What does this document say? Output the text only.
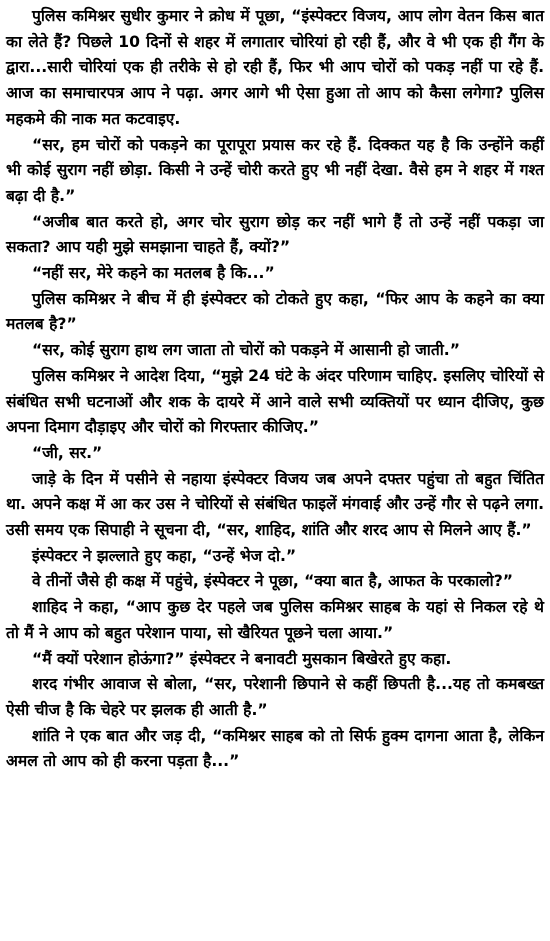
पुलिस कमिश्नर सुधीर कुमार ने क्रोध में पूछा, “इंस्पेक्टर विजय, आप लोग वेतन किस बात का लेते हैं? पिछले 10 दिनों से शहर में लगातार चोरियां हो रही हैं, और वे भी एक ही गैंग के द्वारा...सारी चोरियां एक ही तरीके से हो रही हैं, फिर भी आप चोरों को पकड़ नहीं पा रहे हैं. आज का समाचारपत्र आप ने पढ़ा. अगर आगे भी ऐसा हुआ तो आप को कैसा लगेगा? पुलिस महकमे की नाक मत कटवाइए.

“सर, हम चोरों को पकड़ने का पूरापूरा प्रयास कर रहे हैं. दिक्कत यह है कि उन्होंने कहीं भी कोई सुराग नहीं छोड़ा. किसी ने उन्हें चोरी करते हुए भी नहीं देखा. वैसे हम ने शहर में गश्त बढ़ा दी है.”

“अजीब बात करते हो, अगर चोर सुराग छोड़ कर नहीं भागे हैं तो उन्हें नहीं पकड़ा जा सकता? आप यही मुझे समझाना चाहते हैं, क्यों?”

“नहीं सर, मेरे कहने का मतलब है कि...”

पुलिस कमिश्नर ने बीच में ही इंस्पेक्टर को टोकते हुए कहा, “फिर आप के कहने का क्या मतलब है?”

“सर, कोई सुराग हाथ लग जाता तो चोरों को पकड़ने में आसानी हो जाती.”

पुलिस कमिश्नर ने आदेश दिया, “मुझे 24 घंटे के अंदर परिणाम चाहिए. इसलिए चोरियों से संबंधित सभी घटनाओं और शक के दायरे में आने वाले सभी व्यक्तियों पर ध्यान दीजिए, कुछ अपना दिमाग दौड़ाइए और चोरों को गिरफ्तार कीजिए.”

“जी, सर.”

जाड़े के दिन में पसीने से नहाया इंस्पेक्टर विजय जब अपने दफ्तर पहुंचा तो बहुत चिंतित था. अपने कक्ष में आ कर उस ने चोरियों से संबंधित फाइलें मंगवाई और उन्हें गौर से पढ़ने लगा. उसी समय एक सिपाही ने सूचना दी, “सर, शाहिद, शांति और शरद आप से मिलने आए हैं.”

इंस्पेक्टर ने झल्लाते हुए कहा, “उन्हें भेज दो.”

वे तीनों जैसे ही कक्ष में पहुंचे, इंस्पेक्टर ने पूछा, “क्या बात है, आफत के परकालो?”

शाहिद ने कहा, “आप कुछ देर पहले जब पुलिस कमिश्नर साहब के यहां से निकल रहे थे तो मैं ने आप को बहुत परेशान पाया, सो खैरियत पूछने चला आया.”

“मैं क्यों परेशान होऊंगा?” इंस्पेक्टर ने बनावटी मुसकान बिखेरते हुए कहा.

शरद गंभीर आवाज से बोला, “सर, परेशानी छिपाने से कहीं छिपती है...यह तो कमबख्त ऐसी चीज है कि चेहरे पर झलक ही आती है.”

शांति ने एक बात और जड़ दी, “कमिश्नर साहब को तो सिर्फ हुक्म दागना आता है, लेकिन अमल तो आप को ही करना पड़ता है...”
